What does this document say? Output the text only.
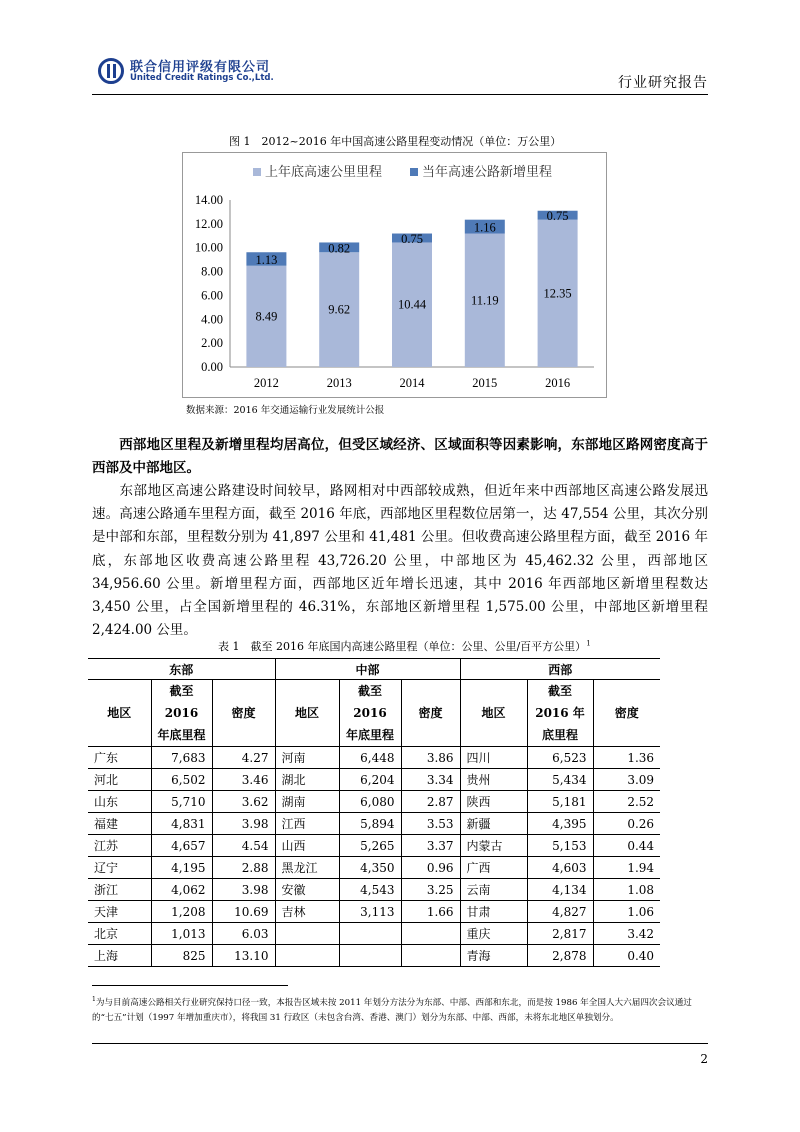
联合信用评级有限公司
United Credit Ratings Co.,Ltd.	行业研究报告
图 1　2012~2016 年中国高速公路里程变动情况（单位：万公里）
上年底高速公里里程	当年高速公路新增里程
0.00
2.00
4.00
6.00
8.00
10.00
12.00
14.00
8.49
1.13
2012
9.62
0.82
2013
10.44
0.75
2014
11.19
1.16
2015
12.35
0.75
2016
数据来源：2016 年交通运输行业发展统计公报
西部地区里程及新增里程均居高位，但受区域经济、区域面积等因素影响，东部地区路网密度高于西部及中部地区。
东部地区高速公路建设时间较早，路网相对中西部较成熟，但近年来中西部地区高速公路发展迅速。高速公路通车里程方面，截至 2016 年底，西部地区里程数位居第一，达 47,554 公里，其次分别是中部和东部，里程数分别为 41,897 公里和 41,481 公里。但收费高速公路里程方面，截至 2016 年底，东部地区收费高速公路里程 43,726.20 公里，中部地区为 45,462.32 公里，西部地区 34,956.60 公里。新增里程方面，西部地区近年增长迅速，其中 2016 年西部地区新增里程数达 3,450 公里，占全国新增里程的 46.31%，东部地区新增里程 1,575.00 公里，中部地区新增里程 2,424.00 公里。
表 1　截至 2016 年底国内高速公路里程（单位：公里、公里/百平方公里）$^1$
东部			中部			西部		
地区	截至 2016 年底里程	密度	地区	截至 2016 年底里程	密度	地区	截至 2016 年底里程	密度
广东	7,683	4.27	河南	6,448	3.86	四川	6,523	1.36
河北	6,502	3.46	湖北	6,204	3.34	贵州	5,434	3.09
山东	5,710	3.62	湖南	6,080	2.87	陕西	5,181	2.52
福建	4,831	3.98	江西	5,894	3.53	新疆	4,395	0.26
江苏	4,657	4.54	山西	5,265	3.37	内蒙古	5,153	0.44
辽宁	4,195	2.88	黑龙江	4,350	0.96	广西	4,603	1.94
浙江	4,062	3.98	安徽	4,543	3.25	云南	4,134	1.08
天津	1,208	10.69	吉林	3,113	1.66	甘肃	4,827	1.06
北京	1,013	6.03				重庆	2,817	3.42
上海	825	13.10				青海	2,878	0.40
$^1$为与目前高速公路相关行业研究保持口径一致，本报告区域未按 2011 年划分方法分为东部、中部、西部和东北，而是按 1986 年全国人大六届四次会议通过的“七五”计划（1997 年增加重庆市），将我国 31 行政区（未包含台湾、香港、澳门）划分为东部、中部、西部，未将东北地区单独划分。
2
